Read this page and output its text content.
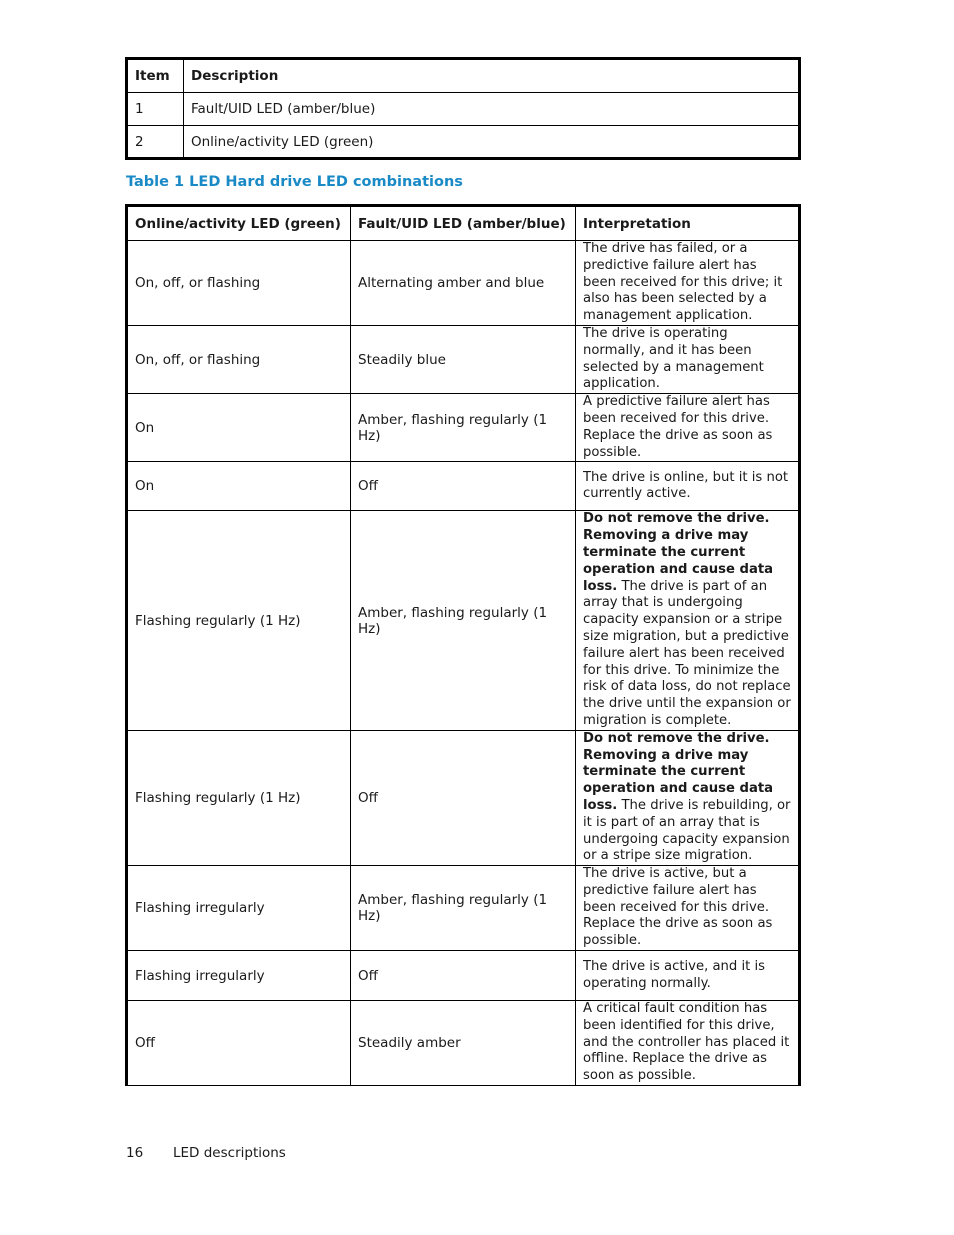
Item	Description
1	Fault/UID LED (amber/blue)
2	Online/activity LED (green)

Table 1 LED Hard drive LED combinations

Online/activity LED (green)	Fault/UID LED (amber/blue)	Interpretation
On, off, or flashing	Alternating amber and blue	The drive has failed, or a predictive failure alert has been received for this drive; it also has been selected by a management application.
On, off, or flashing	Steadily blue	The drive is operating normally, and it has been selected by a management application.
On	Amber, flashing regularly (1 Hz)	A predictive failure alert has been received for this drive. Replace the drive as soon as possible.
On	Off	The drive is online, but it is not currently active.
Flashing regularly (1 Hz)	Amber, flashing regularly (1 Hz)	Do not remove the drive. Removing a drive may terminate the current operation and cause data loss. The drive is part of an array that is undergoing capacity expansion or a stripe size migration, but a predictive failure alert has been received for this drive. To minimize the risk of data loss, do not replace the drive until the expansion or migration is complete.
Flashing regularly (1 Hz)	Off	Do not remove the drive. Removing a drive may terminate the current operation and cause data loss. The drive is rebuilding, or it is part of an array that is undergoing capacity expansion or a stripe size migration.
Flashing irregularly	Amber, flashing regularly (1 Hz)	The drive is active, but a predictive failure alert has been received for this drive. Replace the drive as soon as possible.
Flashing irregularly	Off	The drive is active, and it is operating normally.
Off	Steadily amber	A critical fault condition has been identified for this drive, and the controller has placed it offline. Replace the drive as soon as possible.
16 LED descriptions
